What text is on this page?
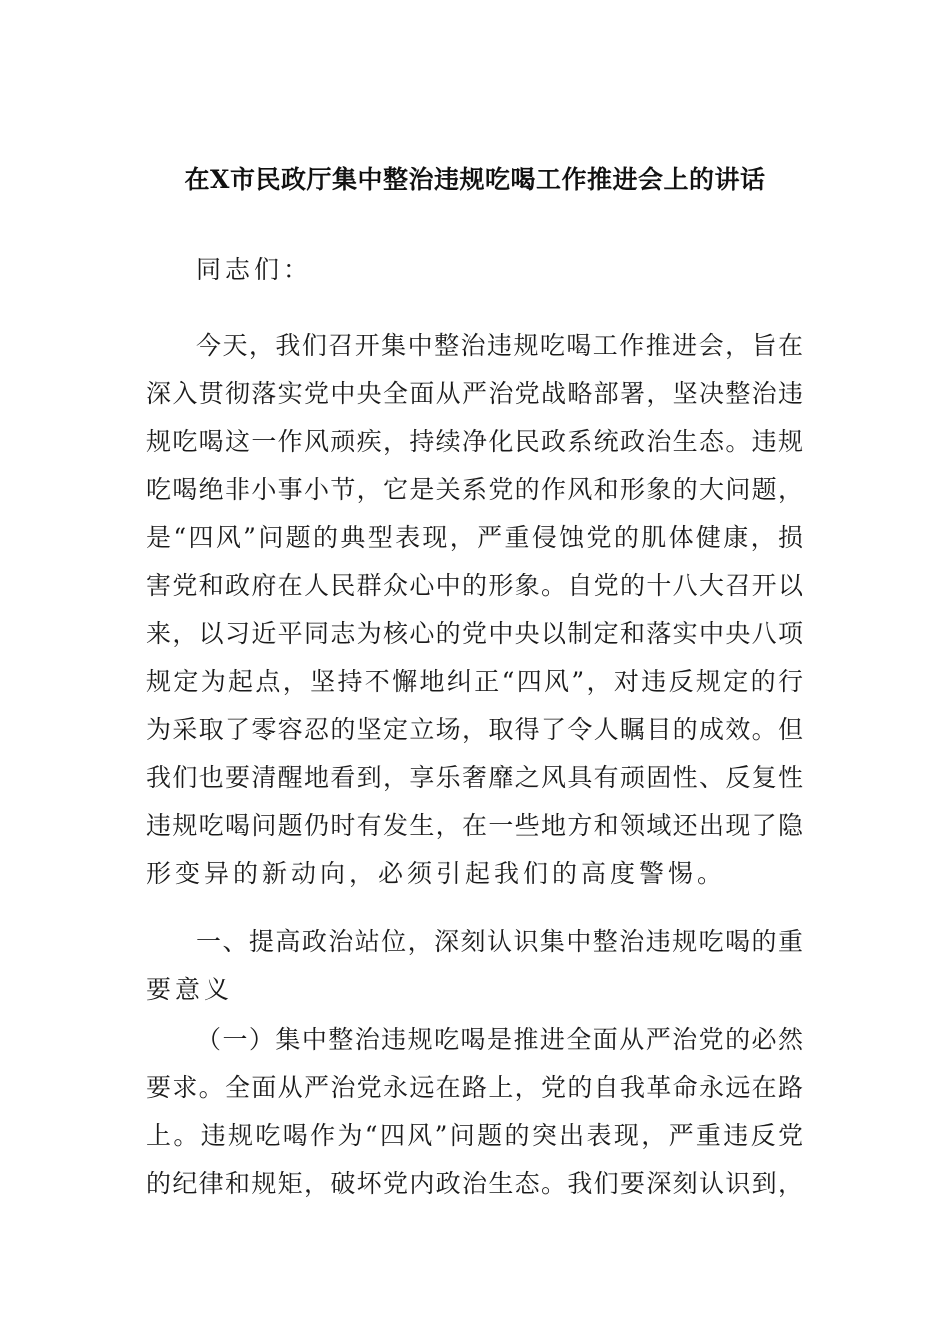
在X市民政厅集中整治违规吃喝工作推进会上的讲话
同志们：
今天，我们召开集中整治违规吃喝工作推进会，旨在
深入贯彻落实党中央全面从严治党战略部署，坚决整治违
规吃喝这一作风顽疾，持续净化民政系统政治生态。违规
吃喝绝非小事小节，它是关系党的作风和形象的大问题，
是“四风”问题的典型表现，严重侵蚀党的肌体健康，损
害党和政府在人民群众心中的形象。自党的十八大召开以
来，以习近平同志为核心的党中央以制定和落实中央八项
规定为起点，坚持不懈地纠正“四风”，对违反规定的行
为采取了零容忍的坚定立场，取得了令人瞩目的成效。但
我们也要清醒地看到，享乐奢靡之风具有顽固性、反复性
违规吃喝问题仍时有发生，在一些地方和领域还出现了隐
形变异的新动向，必须引起我们的高度警惕。
一、提高政治站位，深刻认识集中整治违规吃喝的重
要意义
（一）集中整治违规吃喝是推进全面从严治党的必然
要求。全面从严治党永远在路上，党的自我革命永远在路
上。违规吃喝作为“四风”问题的突出表现，严重违反党
的纪律和规矩，破坏党内政治生态。我们要深刻认识到，
